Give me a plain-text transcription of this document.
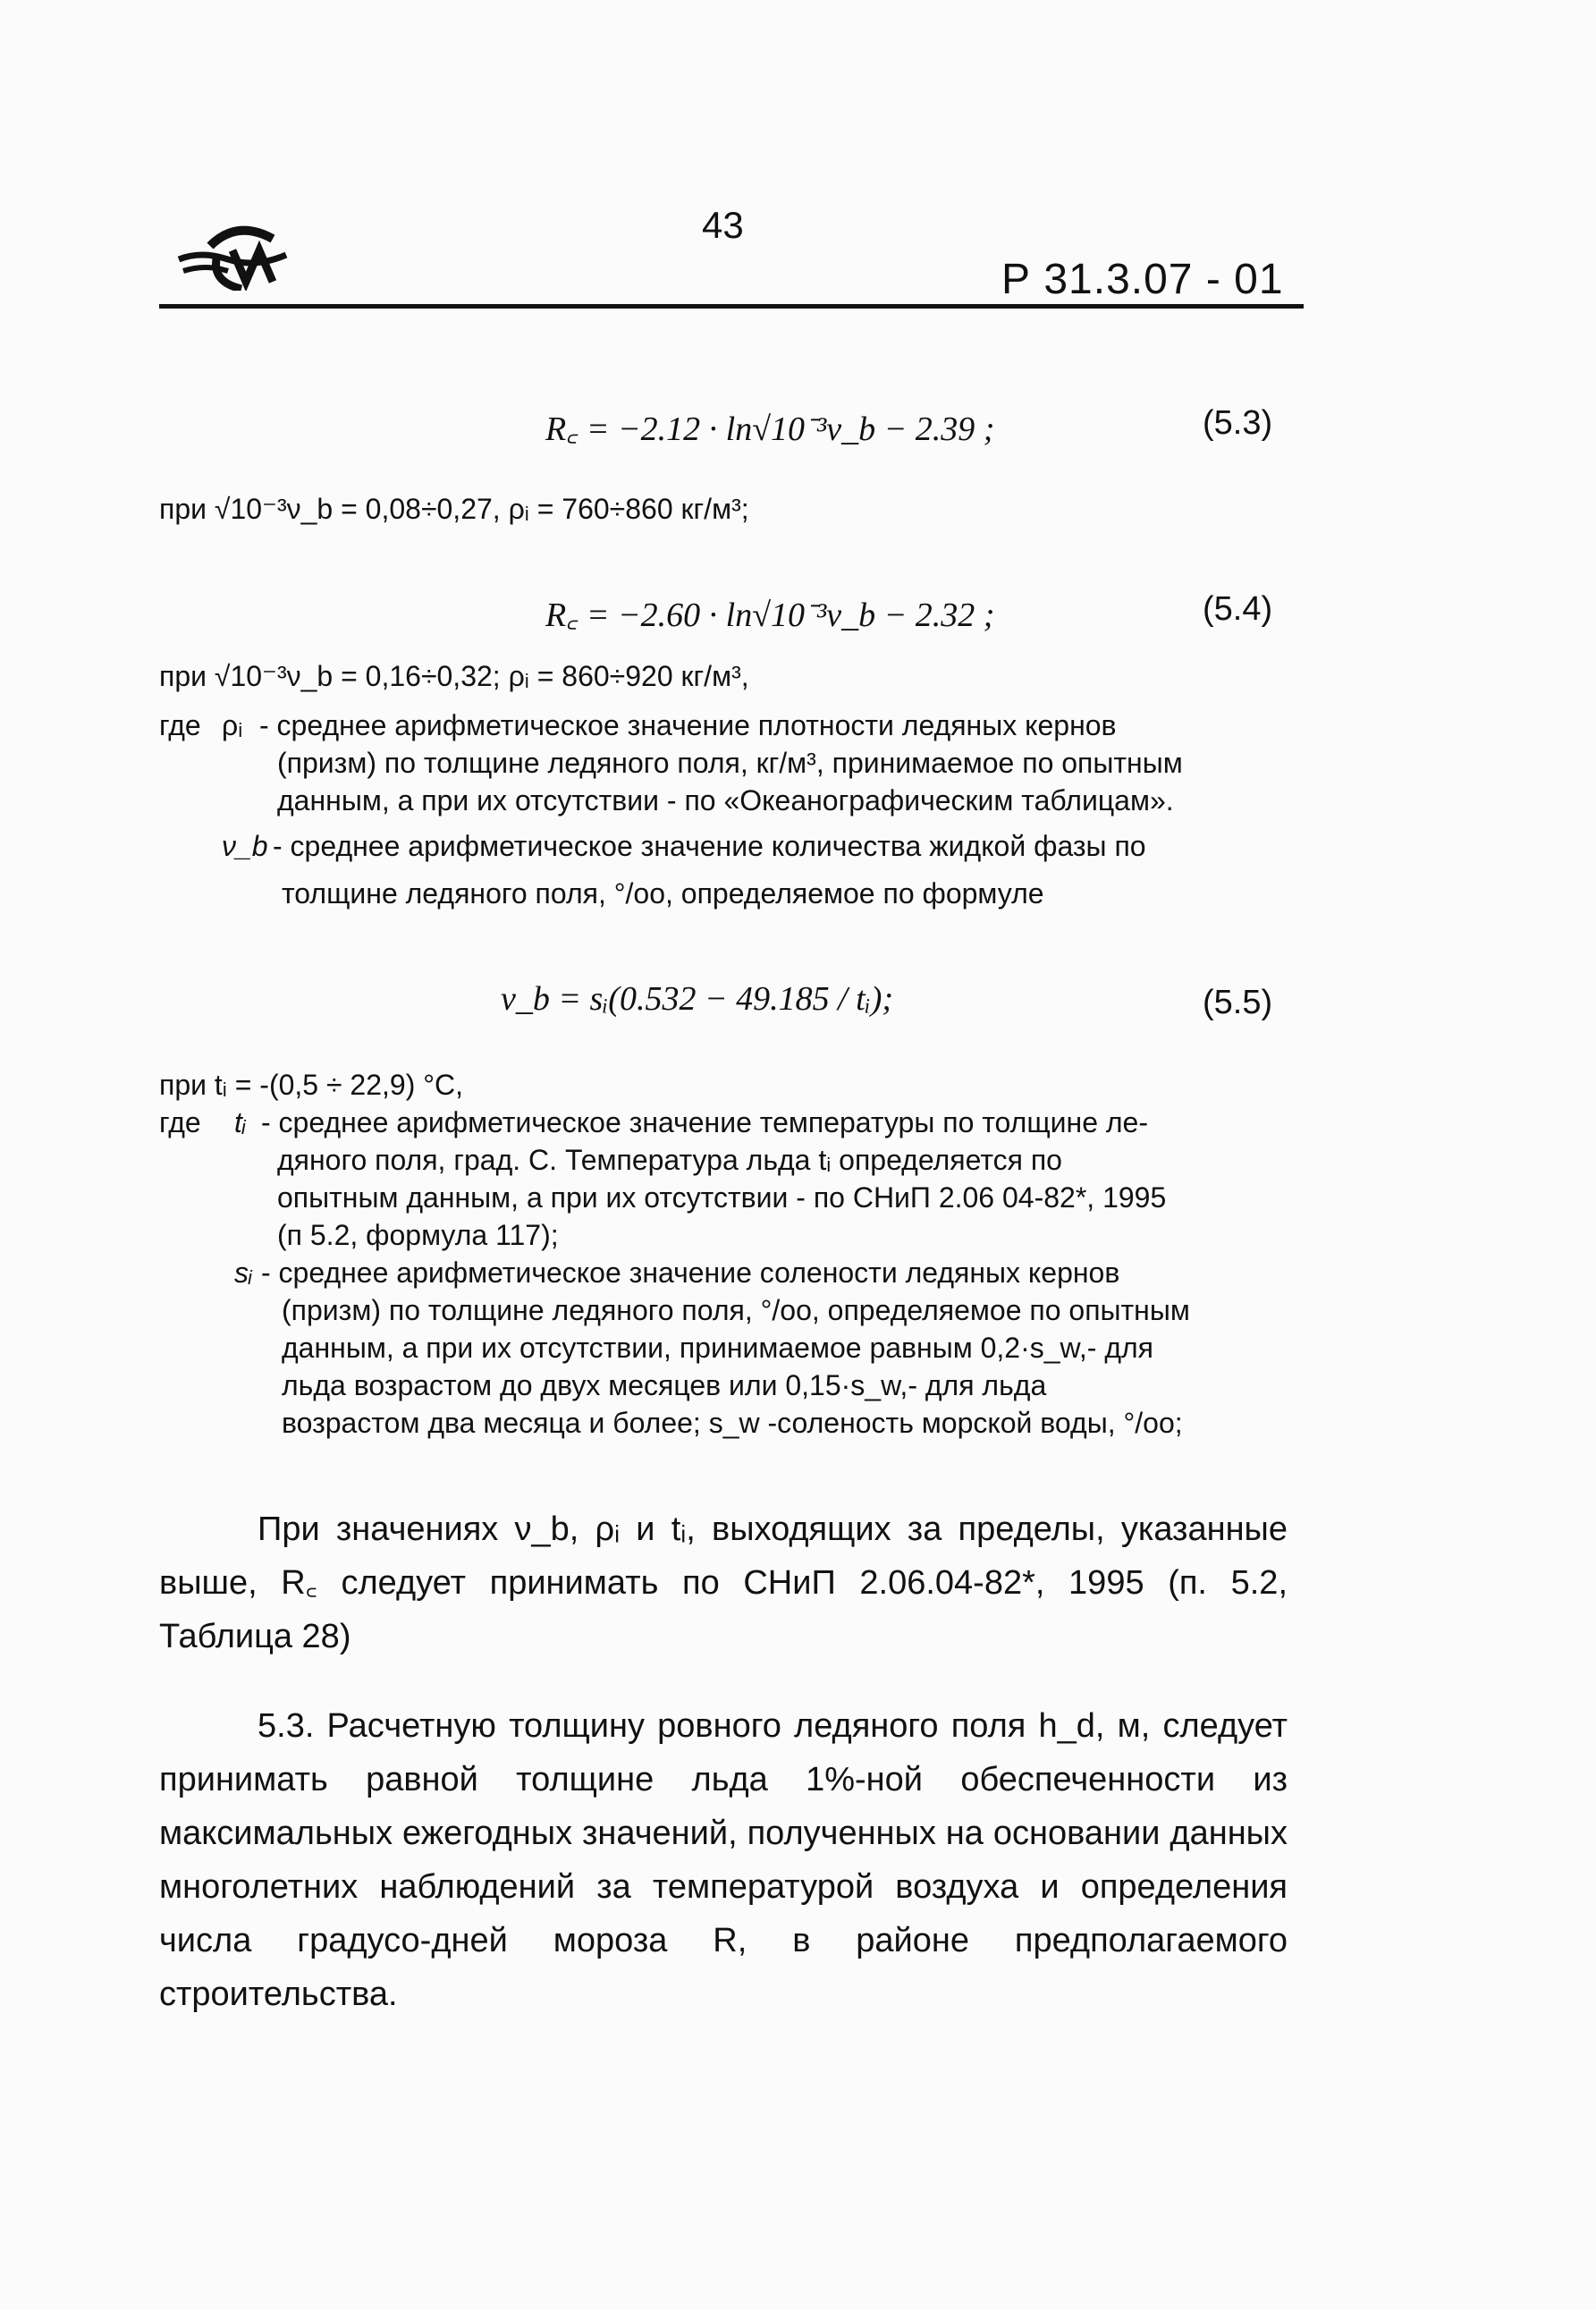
43
Р 31.3.07 - 01
R꜀ = −2.12 · ln√10⁻³ν_b − 2.39 ;	(5.3)
при √10⁻³ν_b = 0,08÷0,27, ρᵢ = 760÷860 кг/м³;
R꜀ = −2.60 · ln√10⁻³ν_b − 2.32 ;	(5.4)
при √10⁻³ν_b = 0,16÷0,32; ρᵢ = 860÷920 кг/м³,
где ρᵢ - среднее арифметическое значение плотности ледяных кернов
(призм) по толщине ледяного поля, кг/м³, принимаемое по опытным
данным, а при их отсутствии - по «Океанографическим таблицам».
ν_b - среднее арифметическое значение количества жидкой фазы по
толщине ледяного поля, °/оо, определяемое по формуле
ν_b = sᵢ(0.532 − 49.185 / tᵢ);	(5.5)
при tᵢ = -(0,5 ÷ 22,9) °С,
где tᵢ - среднее арифметическое значение температуры по толщине ле-
дяного поля, град. С. Температура льда tᵢ определяется по
опытным данным, а при их отсутствии - по СНиП 2.06 04-82*, 1995
(п 5.2, формула 117);
sᵢ - среднее арифметическое значение солености ледяных кернов
(призм) по толщине ледяного поля, °/оо, определяемое по опытным
данным, а при их отсутствии, принимаемое равным 0,2·s_w,- для
льда возрастом до двух месяцев или 0,15·s_w,- для льда
возрастом два месяца и более; s_w -соленость морской воды, °/оо;
При значениях ν_b, ρᵢ и tᵢ, выходящих за пределы, указанные выше, R꜀ следует принимать по СНиП 2.06.04-82*, 1995 (п. 5.2, Таблица 28)
5.3. Расчетную толщину ровного ледяного поля h_d, м, следует принимать равной толщине льда 1%-ной обеспеченности из максимальных ежегодных значений, полученных на основании данных многолетних наблюдений за температурой воздуха и определения числа градусо-дней мороза R, в районе предполагаемого строительства.
